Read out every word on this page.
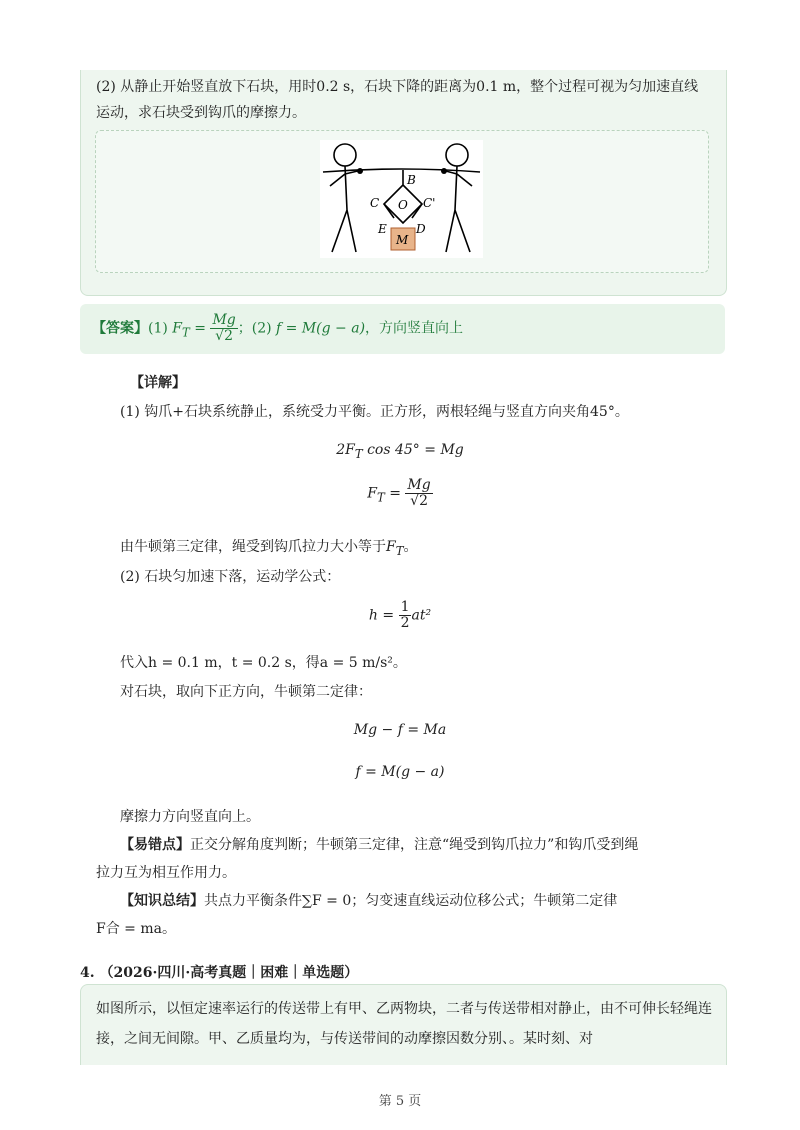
(2) 从静止开始竖直放下石块，用时0.2 s，石块下降的距离为0.1 m，整个过程可视为匀加速直线运动，求石块受到钩爪的摩擦力。
B
C O C'
E D
M
【答案】(1) $F_T = \frac{Mg}{√2}$ ；(2) f = M(g − a)，方向竖直向上
【详解】
(1) 钩爪+石块系统静止，系统受力平衡。正方形，两根轻绳与竖直方向夹角45°。
$2F_T$ cos 45° = Mg
$F_T = \frac{Mg}{√2}$
由牛顿第三定律，绳受到钩爪拉力大小等于$F_T$。
(2) 石块匀加速下落，运动学公式：
$h = \frac{1}{2} at^2$
代入h = 0.1 m，t = 0.2 s，得a = 5 m/s²。
对石块，取向下正方向，牛顿第二定律：
Mg − f = Ma
f = M(g − a)
摩擦力方向竖直向上。
【易错点】正交分解角度判断；牛顿第三定律，注意“绳受到钩爪拉力”和钩爪受到绳
拉力互为相互作用力。
【知识总结】共点力平衡条件∑F = 0；匀变速直线运动位移公式；牛顿第二定律
F合 = ma。
4. （2026·四川·高考真题｜困难｜单选题）
如图所示，以恒定速率运行的传送带上有甲、乙两物块，二者与传送带相对静止，由不可伸长轻绳连接，之间无间隙。甲、乙质量均为，与传送带间的动摩擦因数分别、。某时刻、对
第 5 页
